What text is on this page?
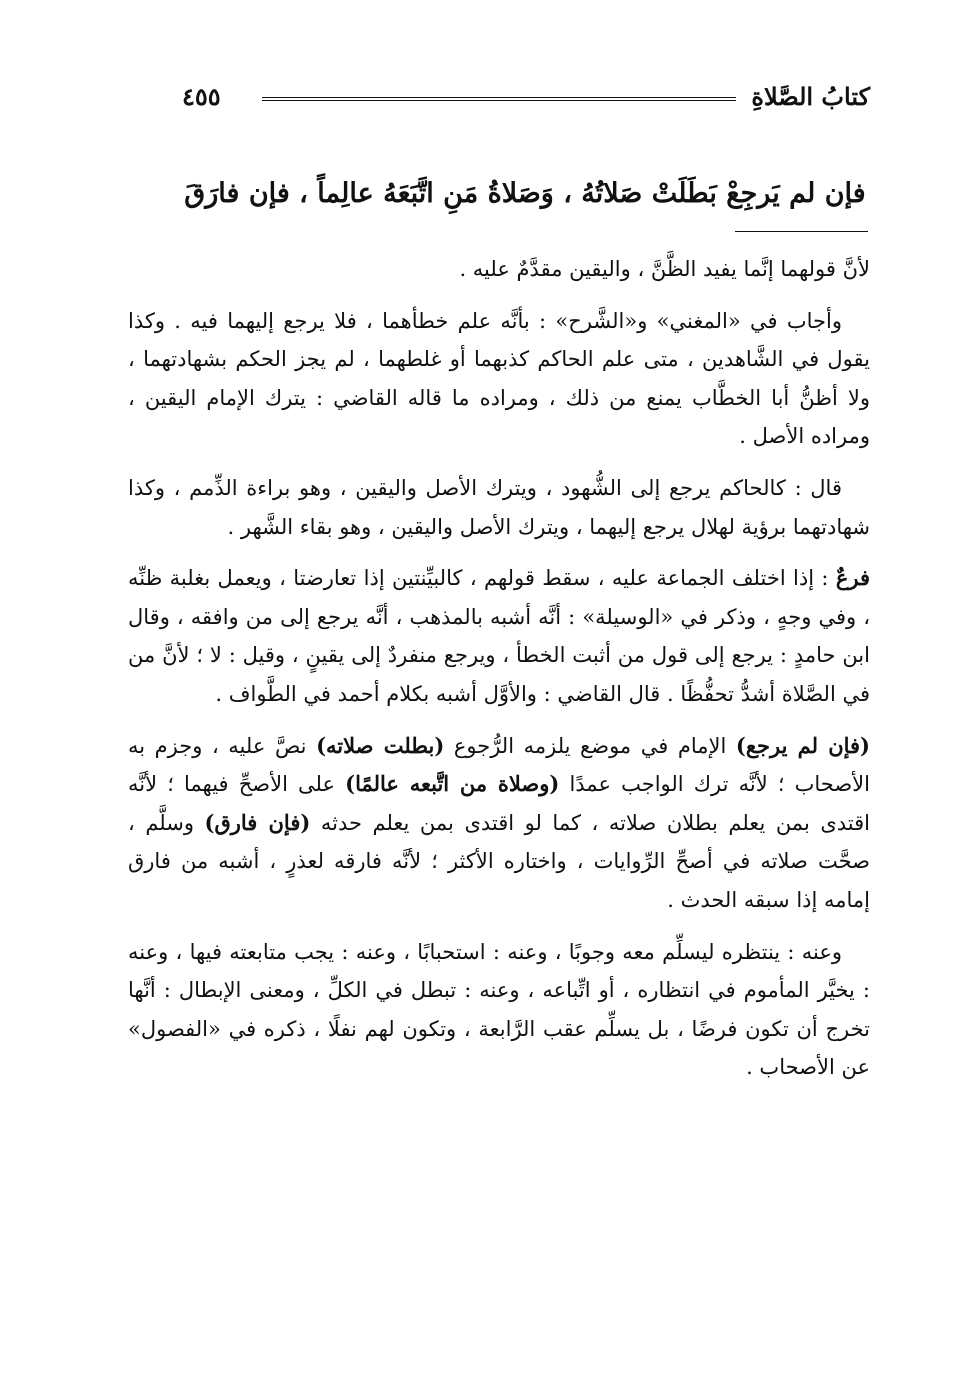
كتابُ الصَّلاةِ
٤٥٥
فإن لم يَرجِعْ بَطَلَتْ صَلاتُهُ ، وَصَلاةُ مَنِ اتَّبَعَهُ عالِماً ، فإن فارَقَ

لأنَّ قولهما إنَّما يفيد الظَّنَّ ، واليقين مقدَّمٌ عليه .

وأجاب في «المغني» و«الشَّرح» : بأنَّه علم خطأهما ، فلا يرجع إليهما فيه . وكذا يقول في الشَّاهدين ، متى علم الحاكم كذبهما أو غلطهما ، لم يجز الحكم بشهادتهما ، ولا أظنُّ أبا الخطَّاب يمنع من ذلك ، ومراده ما قاله القاضي : يترك الإمام اليقين ، ومراده الأصل .

قال : كالحاكم يرجع إلى الشُّهود ، ويترك الأصل واليقين ، وهو براءة الذِّمم ، وكذا شهادتهما برؤية لهلال يرجع إليهما ، ويترك الأصل واليقين ، وهو بقاء الشَّهر .

فرعٌ : إذا اختلف الجماعة عليه ، سقط قولهم ، كالبيِّنتين إذا تعارضتا ، ويعمل بغلبة ظنِّه ، وفي وجهٍ ، وذكر في «الوسيلة» : أنَّه أشبه بالمذهب ، أنَّه يرجع إلى من وافقه ، وقال ابن حامدٍ : يرجع إلى قول من أثبت الخطأ ، ويرجع منفردٌ إلى يقينٍ ، وقيل : لا ؛ لأنَّ من في الصَّلاة أشدُّ تحفُّظًا . قال القاضي : والأوَّل أشبه بكلام أحمد في الطَّواف .

(فإن لم يرجع) الإمام في موضع يلزمه الرُّجوع (بطلت صلاته) نصَّ عليه ، وجزم به الأصحاب ؛ لأنَّه ترك الواجب عمدًا (وصلاة من اتَّبعه عالمًا) على الأصحِّ فيهما ؛ لأنَّه اقتدى بمن يعلم بطلان صلاته ، كما لو اقتدى بمن يعلم حدثه (فإن فارق) وسلَّم ، صحَّت صلاته في أصحِّ الرِّوايات ، واختاره الأكثر ؛ لأنَّه فارقه لعذرٍ ، أشبه من فارق إمامه إذا سبقه الحدث .

وعنه : ينتظره ليسلِّم معه وجوبًا ، وعنه : استحبابًا ، وعنه : يجب متابعته فيها ، وعنه : يخيَّر المأموم في انتظاره ، أو اتِّباعه ، وعنه : تبطل في الكلِّ ، ومعنى الإبطال : أنَّها تخرج أن تكون فرضًا ، بل يسلِّم عقب الرَّابعة ، وتكون لهم نفلًا ، ذكره في «الفصول» عن الأصحاب .
